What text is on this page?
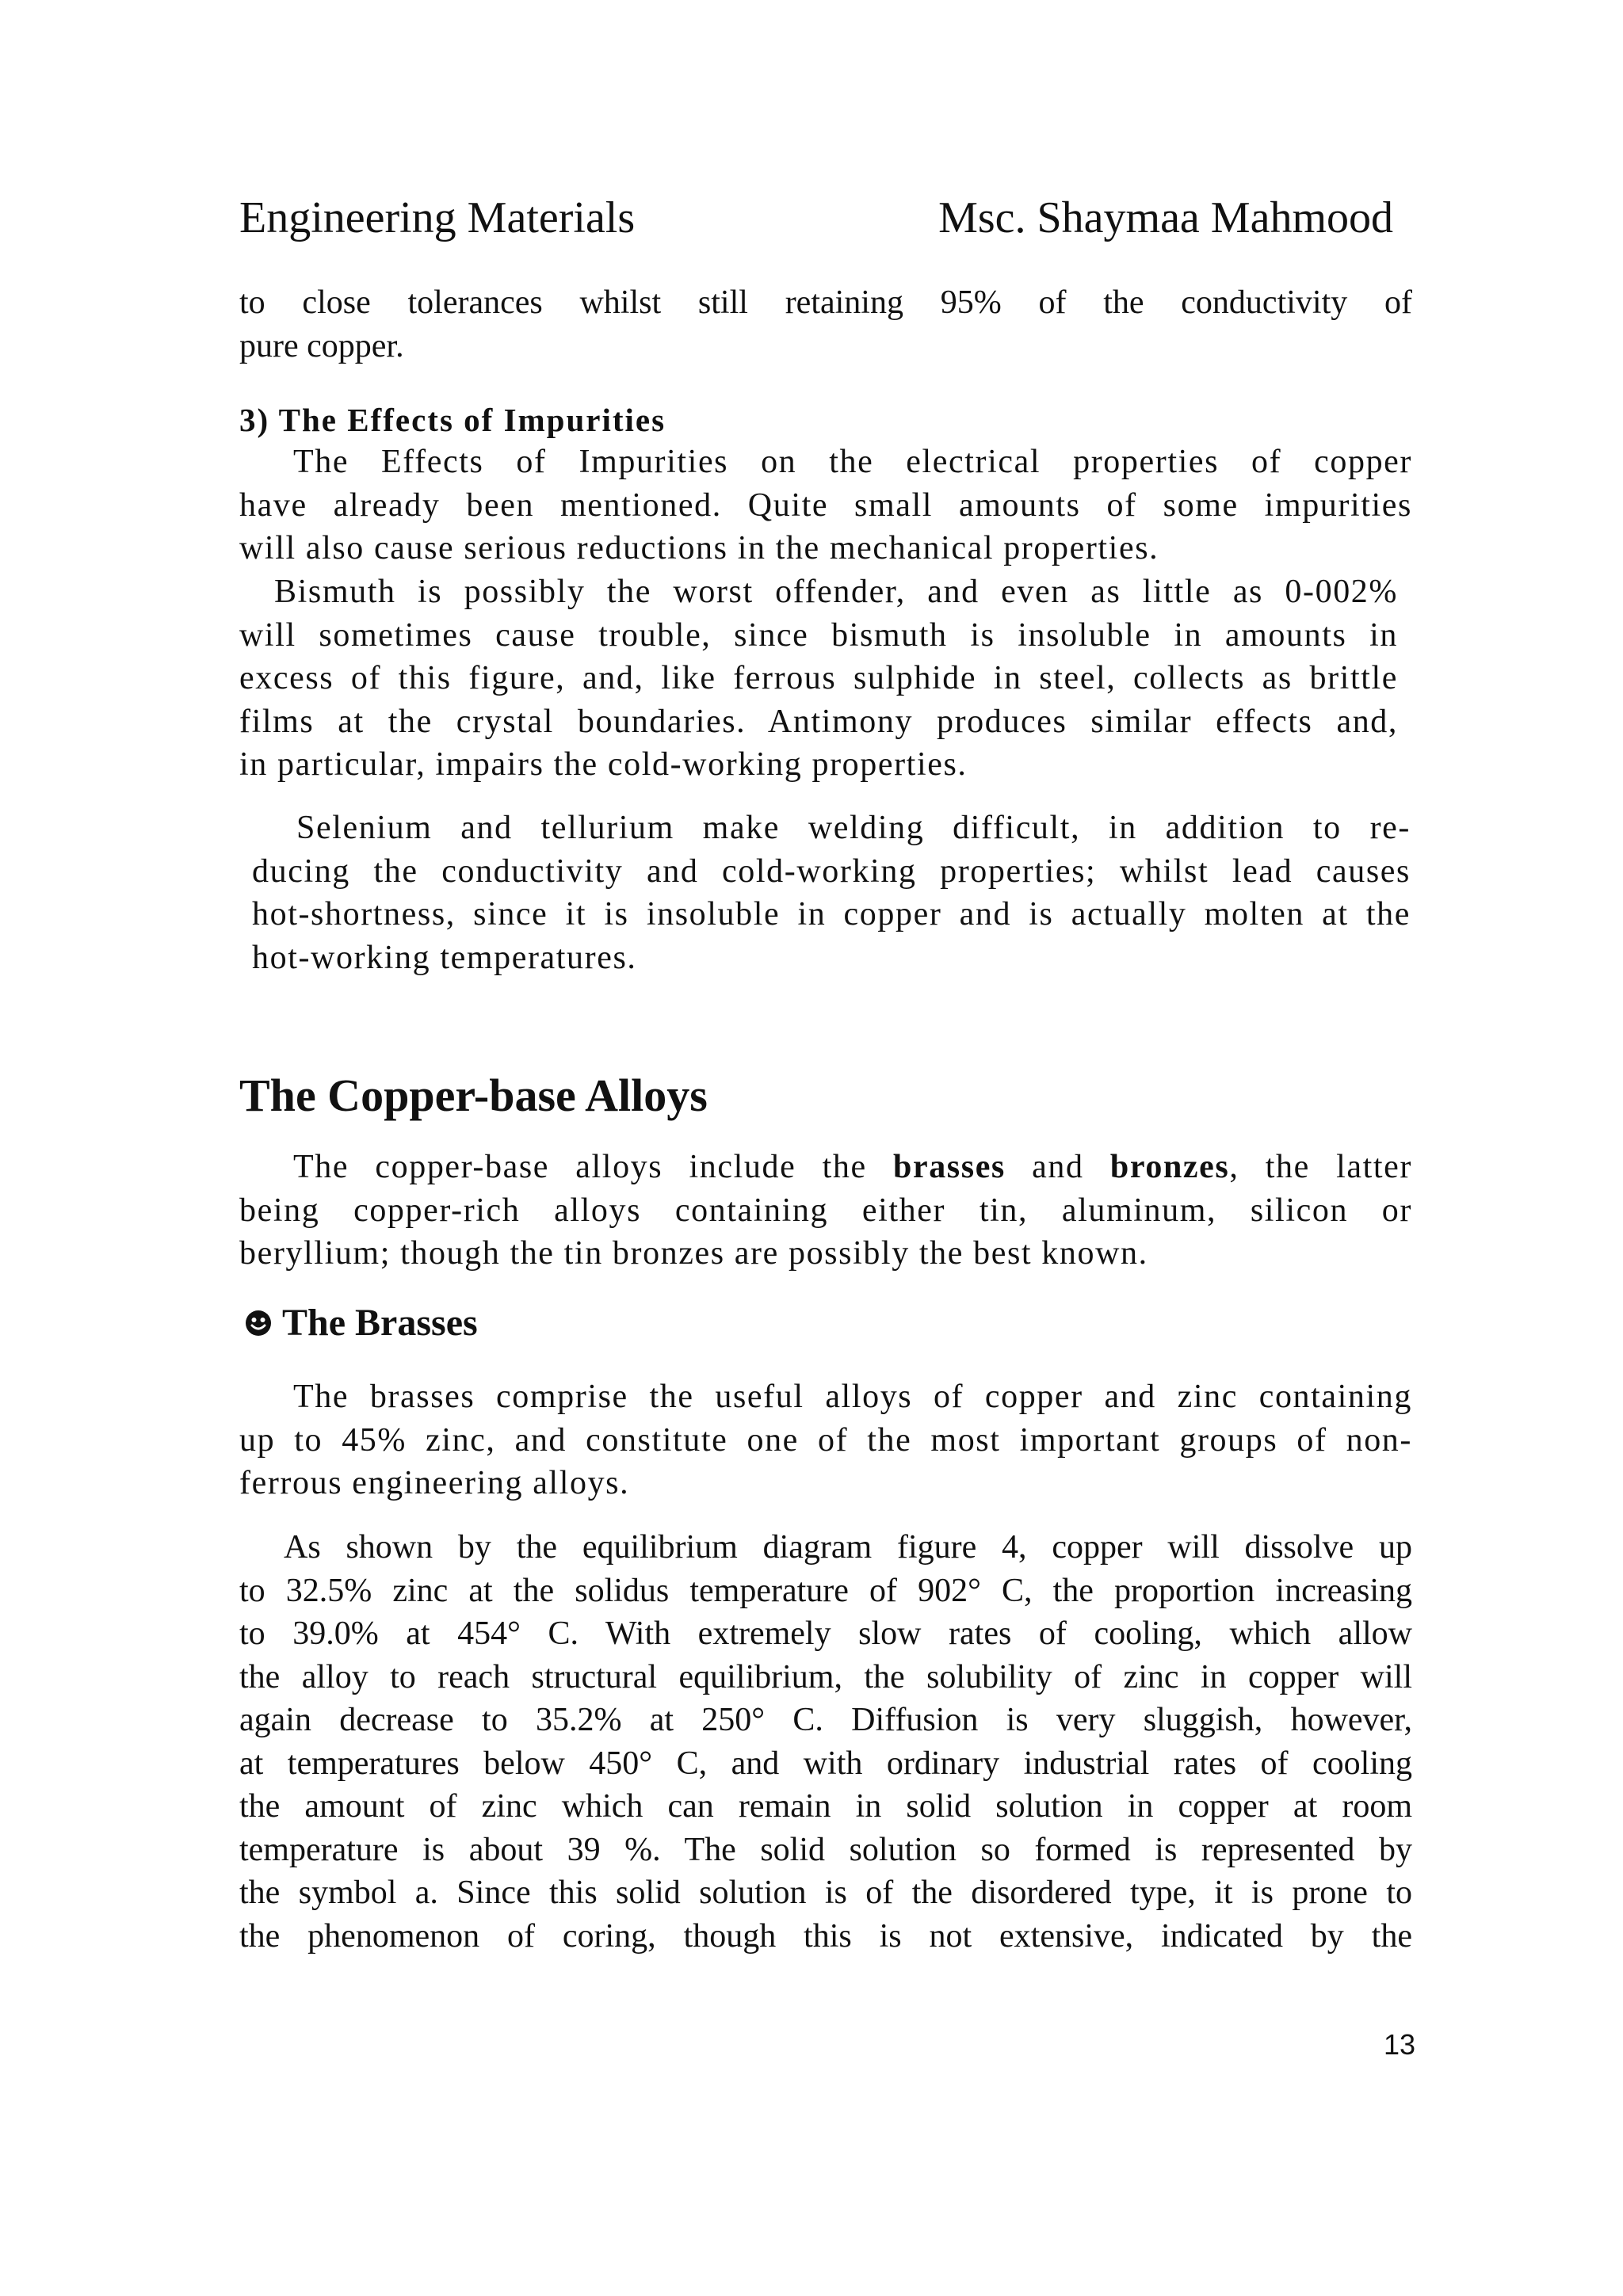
Engineering Materials	Msc. Shaymaa Mahmood
to close tolerances whilst still retaining 95% of the conductivity of
pure copper.
3) The Effects of Impurities
The Effects of Impurities on the electrical properties of copper
have already been mentioned. Quite small amounts of some impurities
will also cause serious reductions in the mechanical properties.
Bismuth is possibly the worst offender, and even as little as 0-002%
will sometimes cause trouble, since bismuth is insoluble in amounts in
excess of this figure, and, like ferrous sulphide in steel, collects as brittle
films at the crystal boundaries. Antimony produces similar effects and,
in particular, impairs the cold-working properties.
Selenium and tellurium make welding difficult, in addition to re-
ducing the conductivity and cold-working properties; whilst lead causes
hot-shortness, since it is insoluble in copper and is actually molten at the
hot-working temperatures.
The Copper-base Alloys
The copper-base alloys include the brasses and bronzes, the latter
being copper-rich alloys containing either tin, aluminum, silicon or
beryllium; though the tin bronzes are possibly the best known.
The Brasses
The brasses comprise the useful alloys of copper and zinc containing
up to 45% zinc, and constitute one of the most important groups of non-
ferrous engineering alloys.
As shown by the equilibrium diagram figure 4, copper will dissolve up
to 32.5% zinc at the solidus temperature of 902° C, the proportion increasing
to 39.0% at 454° C. With extremely slow rates of cooling, which allow
the alloy to reach structural equilibrium, the solubility of zinc in copper will
again decrease to 35.2% at 250° C. Diffusion is very sluggish, however,
at temperatures below 450° C, and with ordinary industrial rates of cooling
the amount of zinc which can remain in solid solution in copper at room
temperature is about 39 %. The solid solution so formed is represented by
the symbol a. Since this solid solution is of the disordered type, it is prone to
the phenomenon of coring, though this is not extensive, indicated by the
13
